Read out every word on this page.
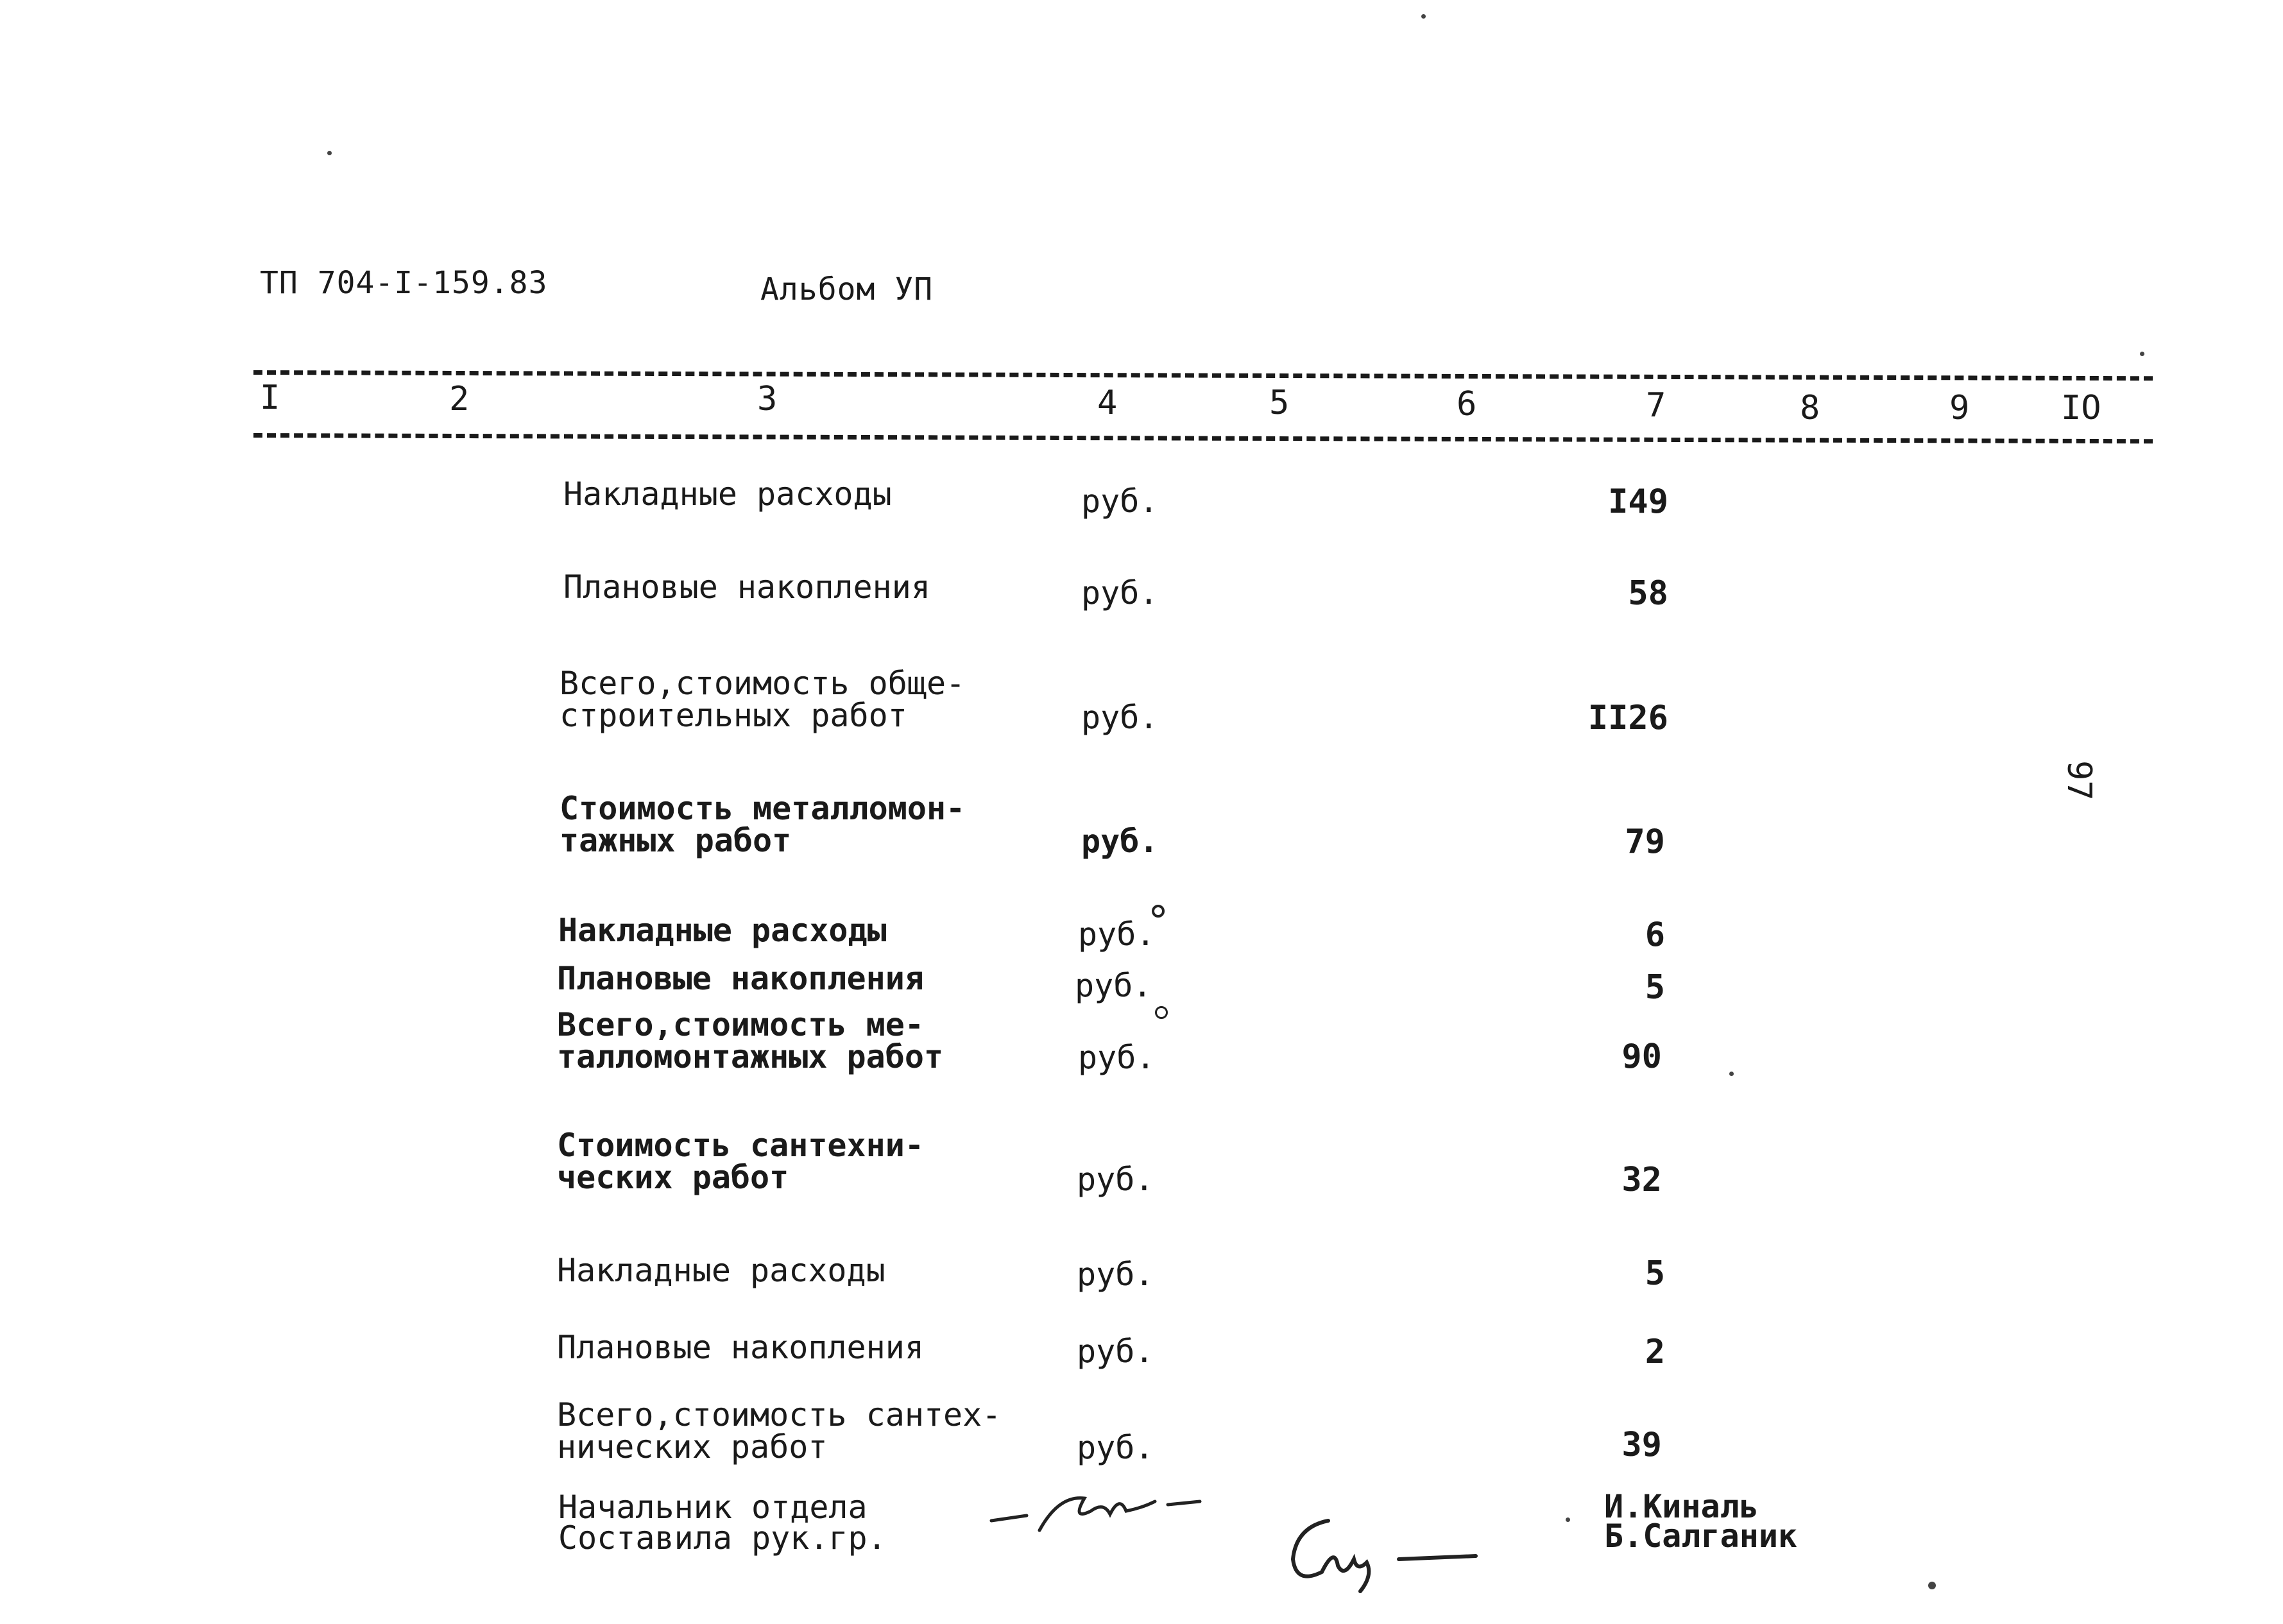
ТП 704-I-159.83	Альбом УП
I	2	3	4	5	6	7	8	9	IO
Накладные расходы	руб.	I49
Плановые накопления	руб.	58
Всего,стоимость обще-
строительных работ	руб.	II26
Стоимость металломон-
тажных работ	руб.	79
Накладные расходы	руб.	6
Плановые накопления	руб.	5
Всего,стоимость ме-
талломонтажных работ	руб.	90
Стоимость сантехни-
ческих работ	руб.	32
Накладные расходы	руб.	5
Плановые накопления	руб.	2
Всего,стоимость сантех-
нических работ	руб.	39
Начальник отдела
Составила рук.гр.
И.Киналь
Б.Салганик
97
